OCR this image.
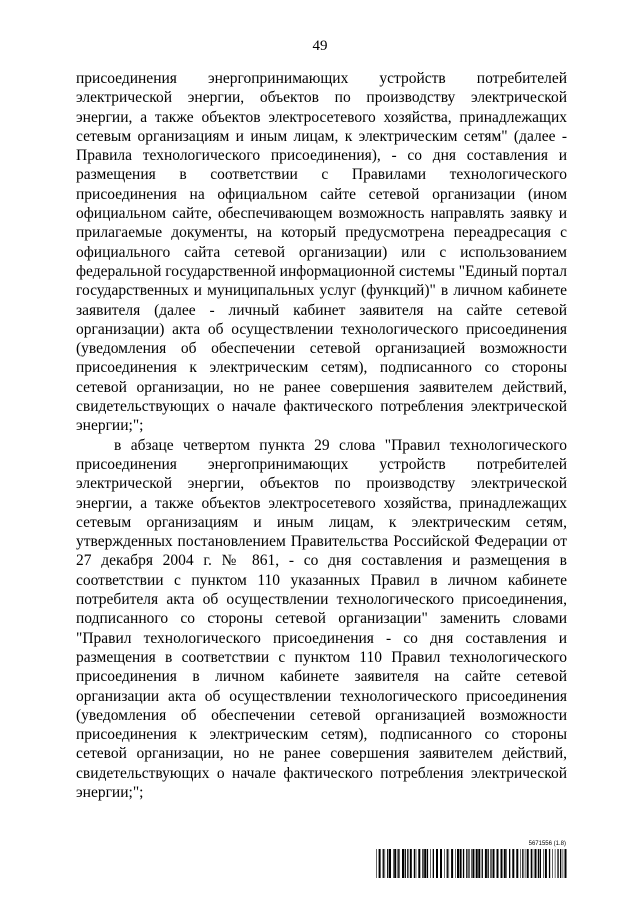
49

присоединения энергопринимающих устройств потребителей электрической энергии, объектов по производству электрической энергии, а также объектов электросетевого хозяйства, принадлежащих сетевым организациям и иным лицам, к электрическим сетям" (далее - Правила технологического присоединения), - со дня составления и размещения в соответствии с Правилами технологического присоединения на официальном сайте сетевой организации (ином официальном сайте, обеспечивающем возможность направлять заявку и прилагаемые документы, на который предусмотрена переадресация с официального сайта сетевой организации) или с использованием федеральной государственной информационной системы "Единый портал государственных и муниципальных услуг (функций)" в личном кабинете заявителя (далее - личный кабинет заявителя на сайте сетевой организации) акта об осуществлении технологического присоединения (уведомления об обеспечении сетевой организацией возможности присоединения к электрическим сетям), подписанного со стороны сетевой организации, но не ранее совершения заявителем действий, свидетельствующих о начале фактического потребления электрической энергии;";

в абзаце четвертом пункта 29 слова "Правил технологического присоединения энергопринимающих устройств потребителей электрической энергии, объектов по производству электрической энергии, а также объектов электросетевого хозяйства, принадлежащих сетевым организациям и иным лицам, к электрическим сетям, утвержденных постановлением Правительства Российской Федерации от 27 декабря 2004 г. № 861, - со дня составления и размещения в соответствии с пунктом 110 указанных Правил в личном кабинете потребителя акта об осуществлении технологического присоединения, подписанного со стороны сетевой организации" заменить словами "Правил технологического присоединения - со дня составления и размещения в соответствии с пунктом 110 Правил технологического присоединения в личном кабинете заявителя на сайте сетевой организации акта об осуществлении технологического присоединения (уведомления об обеспечении сетевой организацией возможности присоединения к электрическим сетям), подписанного со стороны сетевой организации, но не ранее совершения заявителем действий, свидетельствующих о начале фактического потребления электрической энергии;";

5671556 (1.8)
